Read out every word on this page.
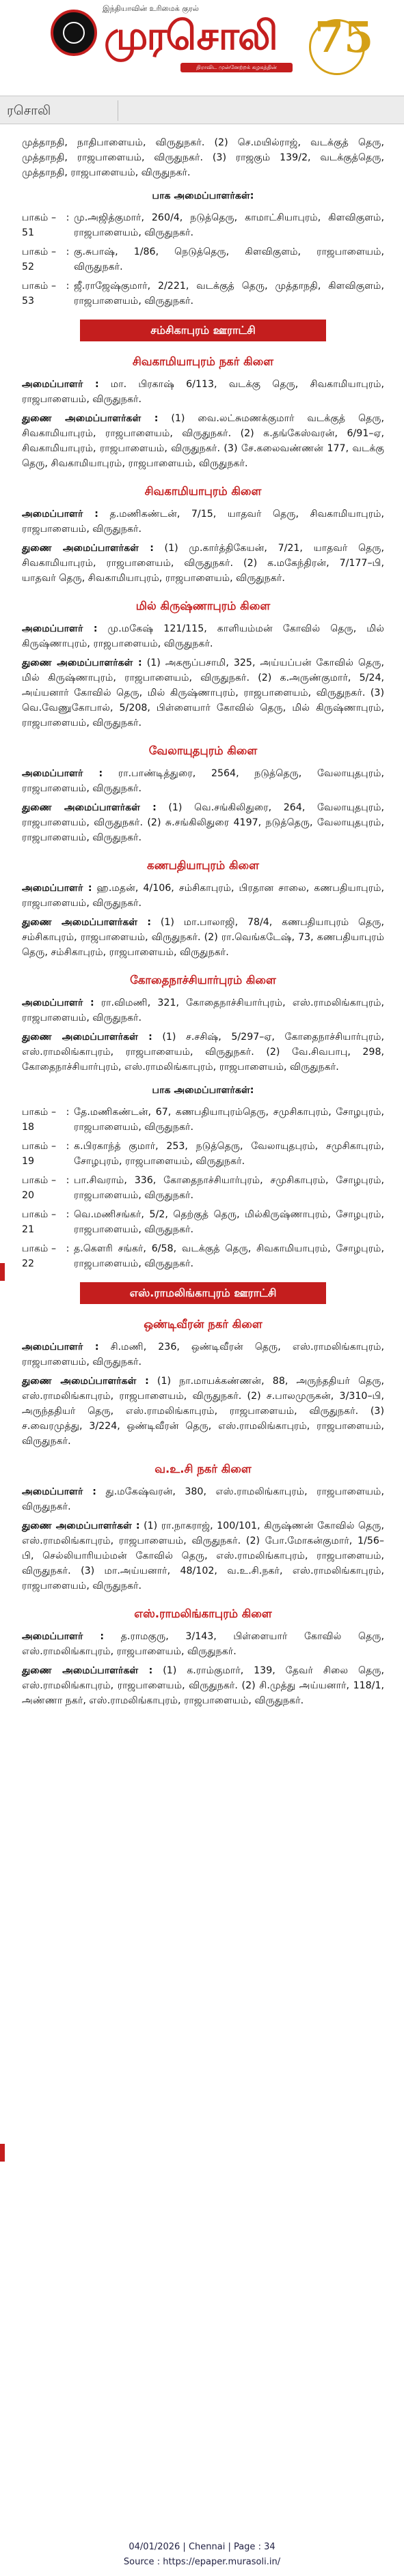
இந்தியாவின் உரிமைக் குரல்
முரசொலி
திராவிட முன்னேற்றக் கழகத்தின் அதிகாரப்பூர்வ நாளேடு
75
ரசொலி

முத்தாநதி, நாதிபாளையம், விருதுநகர். (2) செ.மயில்ராஜ், வடக்குத் தெரு, முத்தாநதி, ராஜபாளையம், விருதுநகர். (3) ராஜகும் 139/2, வடக்குத்தெரு, முத்தாநதி, ராஜபாளையம், விருதுநகர்.

பாக அமைப்பாளர்கள்:
பாகம் – 51
: மு.அஜித்குமார், 260/4, நடுத்தெரு, காமாட்சியாபுரம், கிளவிகுளம், ராஜபாளையம், விருதுநகர்.
பாகம் – 52
: கு.சுபாஷ், 1/86, நெடுத்தெரு, கிளவிகுளம், ராஜபாளையம், விருதுநகர்.
பாகம் – 53
: ஜீ.ராஜேஷ்குமார், 2/221, வடக்குத் தெரு, முத்தாநதி, கிளவிகுளம், ராஜபாளையம், விருதுநகர்.
சம்சிகாபுரம் ஊராட்சி
சிவகாமியாபுரம் நகர் கிளை

அமைப்பாளர் : மா. பிரகாஷ் 6/113, வடக்கு தெரு, சிவகாமியாபுரம், ராஜபாளையம், விருதுநகர்.

துணை அமைப்பாளர்கள் : (1) வை.லட்சுமணக்குமார் வடக்குத் தெரு, சிவகாமியாபுரம், ராஜபாளையம், விருதுநகர். (2) க.தங்கேஸ்வரன், 6/91–ஏ, சிவகாமியாபுரம், ராஜபாளையம், விருதுநகர். (3) சே.கலைவண்ணன் 177, வடக்கு தெரு, சிவகாமியாபுரம், ராஜபாளையம், விருதுநகர்.

சிவகாமியாபுரம் கிளை

அமைப்பாளர் : த.மணிகண்டன், 7/15, யாதவர் தெரு, சிவகாமியாபுரம், ராஜபாளையம், விருதுநகர்.

துணை அமைப்பாளர்கள் : (1) மு.கார்த்திகேயன், 7/21, யாதவர் தெரு, சிவகாமியாபுரம், ராஜபாளையம், விருதுநகர். (2) க.மகேந்திரன், 7/177–பி, யாதவர் தெரு, சிவகாமியாபுரம், ராஜபாளையம், விருதுநகர்.

மில் கிருஷ்ணாபுரம் கிளை

அமைப்பாளர் : மு.மகேஷ் 121/115, காளியம்மன் கோவில் தெரு, மில் கிருஷ்ணாபுரம், ராஜபாளையம், விருதுநகர்.

துணை அமைப்பாளர்கள் : (1) அகரூப்பசாமி, 325, அய்யப்பன் கோவில் தெரு, மில் கிருஷ்ணாபுரம், ராஜபாளையம், விருதுநகர். (2) க.அருண்குமார், 5/24, அய்யனார் கோவில் தெரு, மில் கிருஷ்ணாபுரம், ராஜபாளையம், விருதுநகர். (3) வெ.வேணுகோபால், 5/208, பிள்ளையார் கோவில் தெரு, மில் கிருஷ்ணாபுரம், ராஜபாளையம், விருதுநகர்.

வேலாயுதபுரம் கிளை

அமைப்பாளர் : ரா.பாண்டித்துரை, 2564, நடுத்தெரு, வேலாயுதபுரம், ராஜபாளையம், விருதுநகர்.

துணை அமைப்பாளர்கள் : (1) வெ.சங்கிலிதுரை, 264, வேலாயுதபுரம், ராஜபாளையம், விருதுநகர். (2) சு.சங்கிலிதுரை 4197, நடுத்தெரு, வேலாயுதபுரம், ராஜபாளையம், விருதுநகர்.

கணபதியாபுரம் கிளை

அமைப்பாளர் : ஹ.மதன், 4/106, சம்சிகாபுரம், பிரதான சாலை, கணபதியாபுரம், ராஜபாளையம், விருதுநகர்.

துணை அமைப்பாளர்கள் : (1) மா.பாலாஜி, 78/4, கணபதியாபுரம் தெரு, சம்சிகாபுரம், ராஜபாளையம், விருதுநகர். (2) ரா.வெங்கடேஷ், 73, கணபதியாபுரம் தெரு, சம்சிகாபுரம், ராஜபாளையம், விருதுநகர்.

கோதைநாச்சியார்புரம் கிளை

அமைப்பாளர் : ரா.விமணி, 321, கோதைநாச்சியார்புரம், எஸ்.ராமலிங்காபுரம், ராஜபாளையம், விருதுநகர்.

துணை அமைப்பாளர்கள் : (1) ச.சசிஷ், 5/297–ஏ, கோதைநாச்சியார்புரம், எஸ்.ராமலிங்காபுரம், ராஜபாளையம், விருதுநகர். (2) வே.சிவபாபு, 298, கோதைநாச்சியார்புரம், எஸ்.ராமலிங்காபுரம், ராஜபாளையம், விருதுநகர்.

பாக அமைப்பாளர்கள்:
பாகம் – 18
: தே.மணிகண்டன், 67, கணபதியாபுரம்தெரு, சமுசிகாபுரம், சோழபுரம், ராஜபாளையம், விருதுநகர்.
பாகம் – 19
: க.பிரகாந்த் குமார், 253, நடுத்தெரு, வேலாயுதபுரம், சமுசிகாபுரம், சோழபுரம், ராஜபாளையம், விருதுநகர்.
பாகம் – 20
: பா.சிவராம், 336, கோதைநாச்சியார்புரம், சமுசிகாபுரம், சோழபுரம், ராஜபாளையம், விருதுநகர்.
பாகம் – 21
: வெ.மணிசங்கர், 5/2, தெற்குத் தெரு, மில்கிருஷ்ணாபுரம், சோழபுரம், ராஜபாளையம், விருதுநகர்.
பாகம் – 22
: த.கௌரி சங்கர், 6/58, வடக்குத் தெரு, சிவகாமியாபுரம், சோழபுரம், ராஜபாளையம், விருதுநகர்.
எஸ்.ராமலிங்காபுரம் ஊராட்சி
ஒண்டிவீரன் நகர் கிளை

அமைப்பாளர் : சி.மணி, 236, ஒண்டிவீரன் தெரு, எஸ்.ராமலிங்காபுரம், ராஜபாளையம், விருதுநகர்.

துணை அமைப்பாளர்கள் : (1) நா.மாயக்கண்ணன், 88, அருந்ததியர் தெரு, எஸ்.ராமலிங்காபுரம், ராஜபாளையம், விருதுநகர். (2) ச.பாலமுருகன், 3/310–பி, அருந்ததியர் தெரு, எஸ்.ராமலிங்காபுரம், ராஜபாளையம், விருதுநகர். (3) ச.வைரமுத்து, 3/224, ஒண்டிவீரன் தெரு, எஸ்.ராமலிங்காபுரம், ராஜபாளையம், விருதுநகர்.

வ.உ.சி நகர் கிளை

அமைப்பாளர் : து.மகேஷ்வரன், 380, எஸ்.ராமலிங்காபுரம், ராஜபாளையம், விருதுநகர்.

துணை அமைப்பாளர்கள் : (1) ரா.நாகராஜ், 100/101, கிருஷ்ணன் கோவில் தெரு, எஸ்.ராமலிங்காபுரம், ராஜபாளையம், விருதுநகர். (2) போ.மோகன்குமார், 1/56–பி, செல்லியாரியம்மன் கோவில் தெரு, எஸ்.ராமலிங்காபுரம், ராஜபாளையம், விருதுநகர். (3) மா.அய்யனார், 48/102, வ.உ.சி.நகர், எஸ்.ராமலிங்காபுரம், ராஜபாளையம், விருதுநகர்.

எஸ்.ராமலிங்காபுரம் கிளை

அமைப்பாளர் : த.ராமகுரு, 3/143, பிள்ளையார் கோவில் தெரு, எஸ்.ராமலிங்காபுரம், ராஜபாளையம், விருதுநகர்.

துணை அமைப்பாளர்கள் : (1) க.ராம்குமார், 139, தேவர் சிலை தெரு, எஸ்.ராமலிங்காபுரம், ராஜபாளையம், விருதுநகர். (2) சி.முத்து அய்யனார், 118/1, அண்ணா நகர், எஸ்.ராமலிங்காபுரம், ராஜபாளையம், விருதுநகர்.

04/01/2026 | Chennai | Page : 34
Source : https://epaper.murasoli.in/
